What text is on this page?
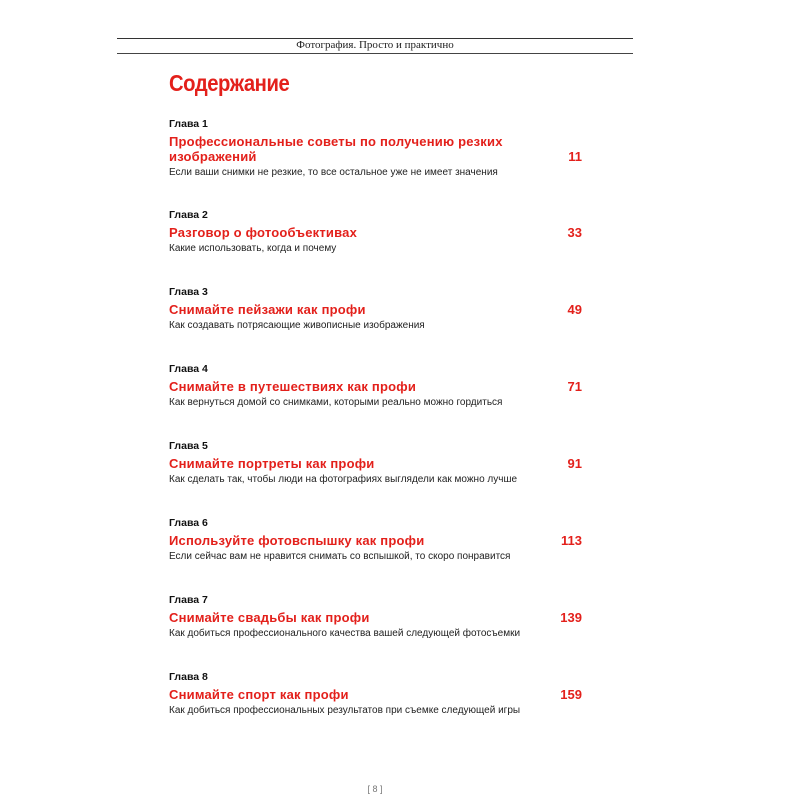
Фотография. Просто и практично
Содержание
Глава 1
Профессиональные советы по получению резких изображений	11
Если ваши снимки не резкие, то все остальное уже не имеет значения
Глава 2
Разговор о фотообъективах	33
Какие использовать, когда и почему
Глава 3
Снимайте пейзажи как профи	49
Как создавать потрясающие живописные изображения
Глава 4
Снимайте в путешествиях как профи	71
Как вернуться домой со снимками, которыми реально можно гордиться
Глава 5
Снимайте портреты как профи	91
Как сделать так, чтобы люди на фотографиях выглядели как можно лучше
Глава 6
Используйте фотовспышку как профи	113
Если сейчас вам не нравится снимать со вспышкой, то скоро понравится
Глава 7
Снимайте свадьбы как профи	139
Как добиться профессионального качества вашей следующей фотосъемки
Глава 8
Снимайте спорт как профи	159
Как добиться профессиональных результатов при съемке следующей игры
[ 8 ]
